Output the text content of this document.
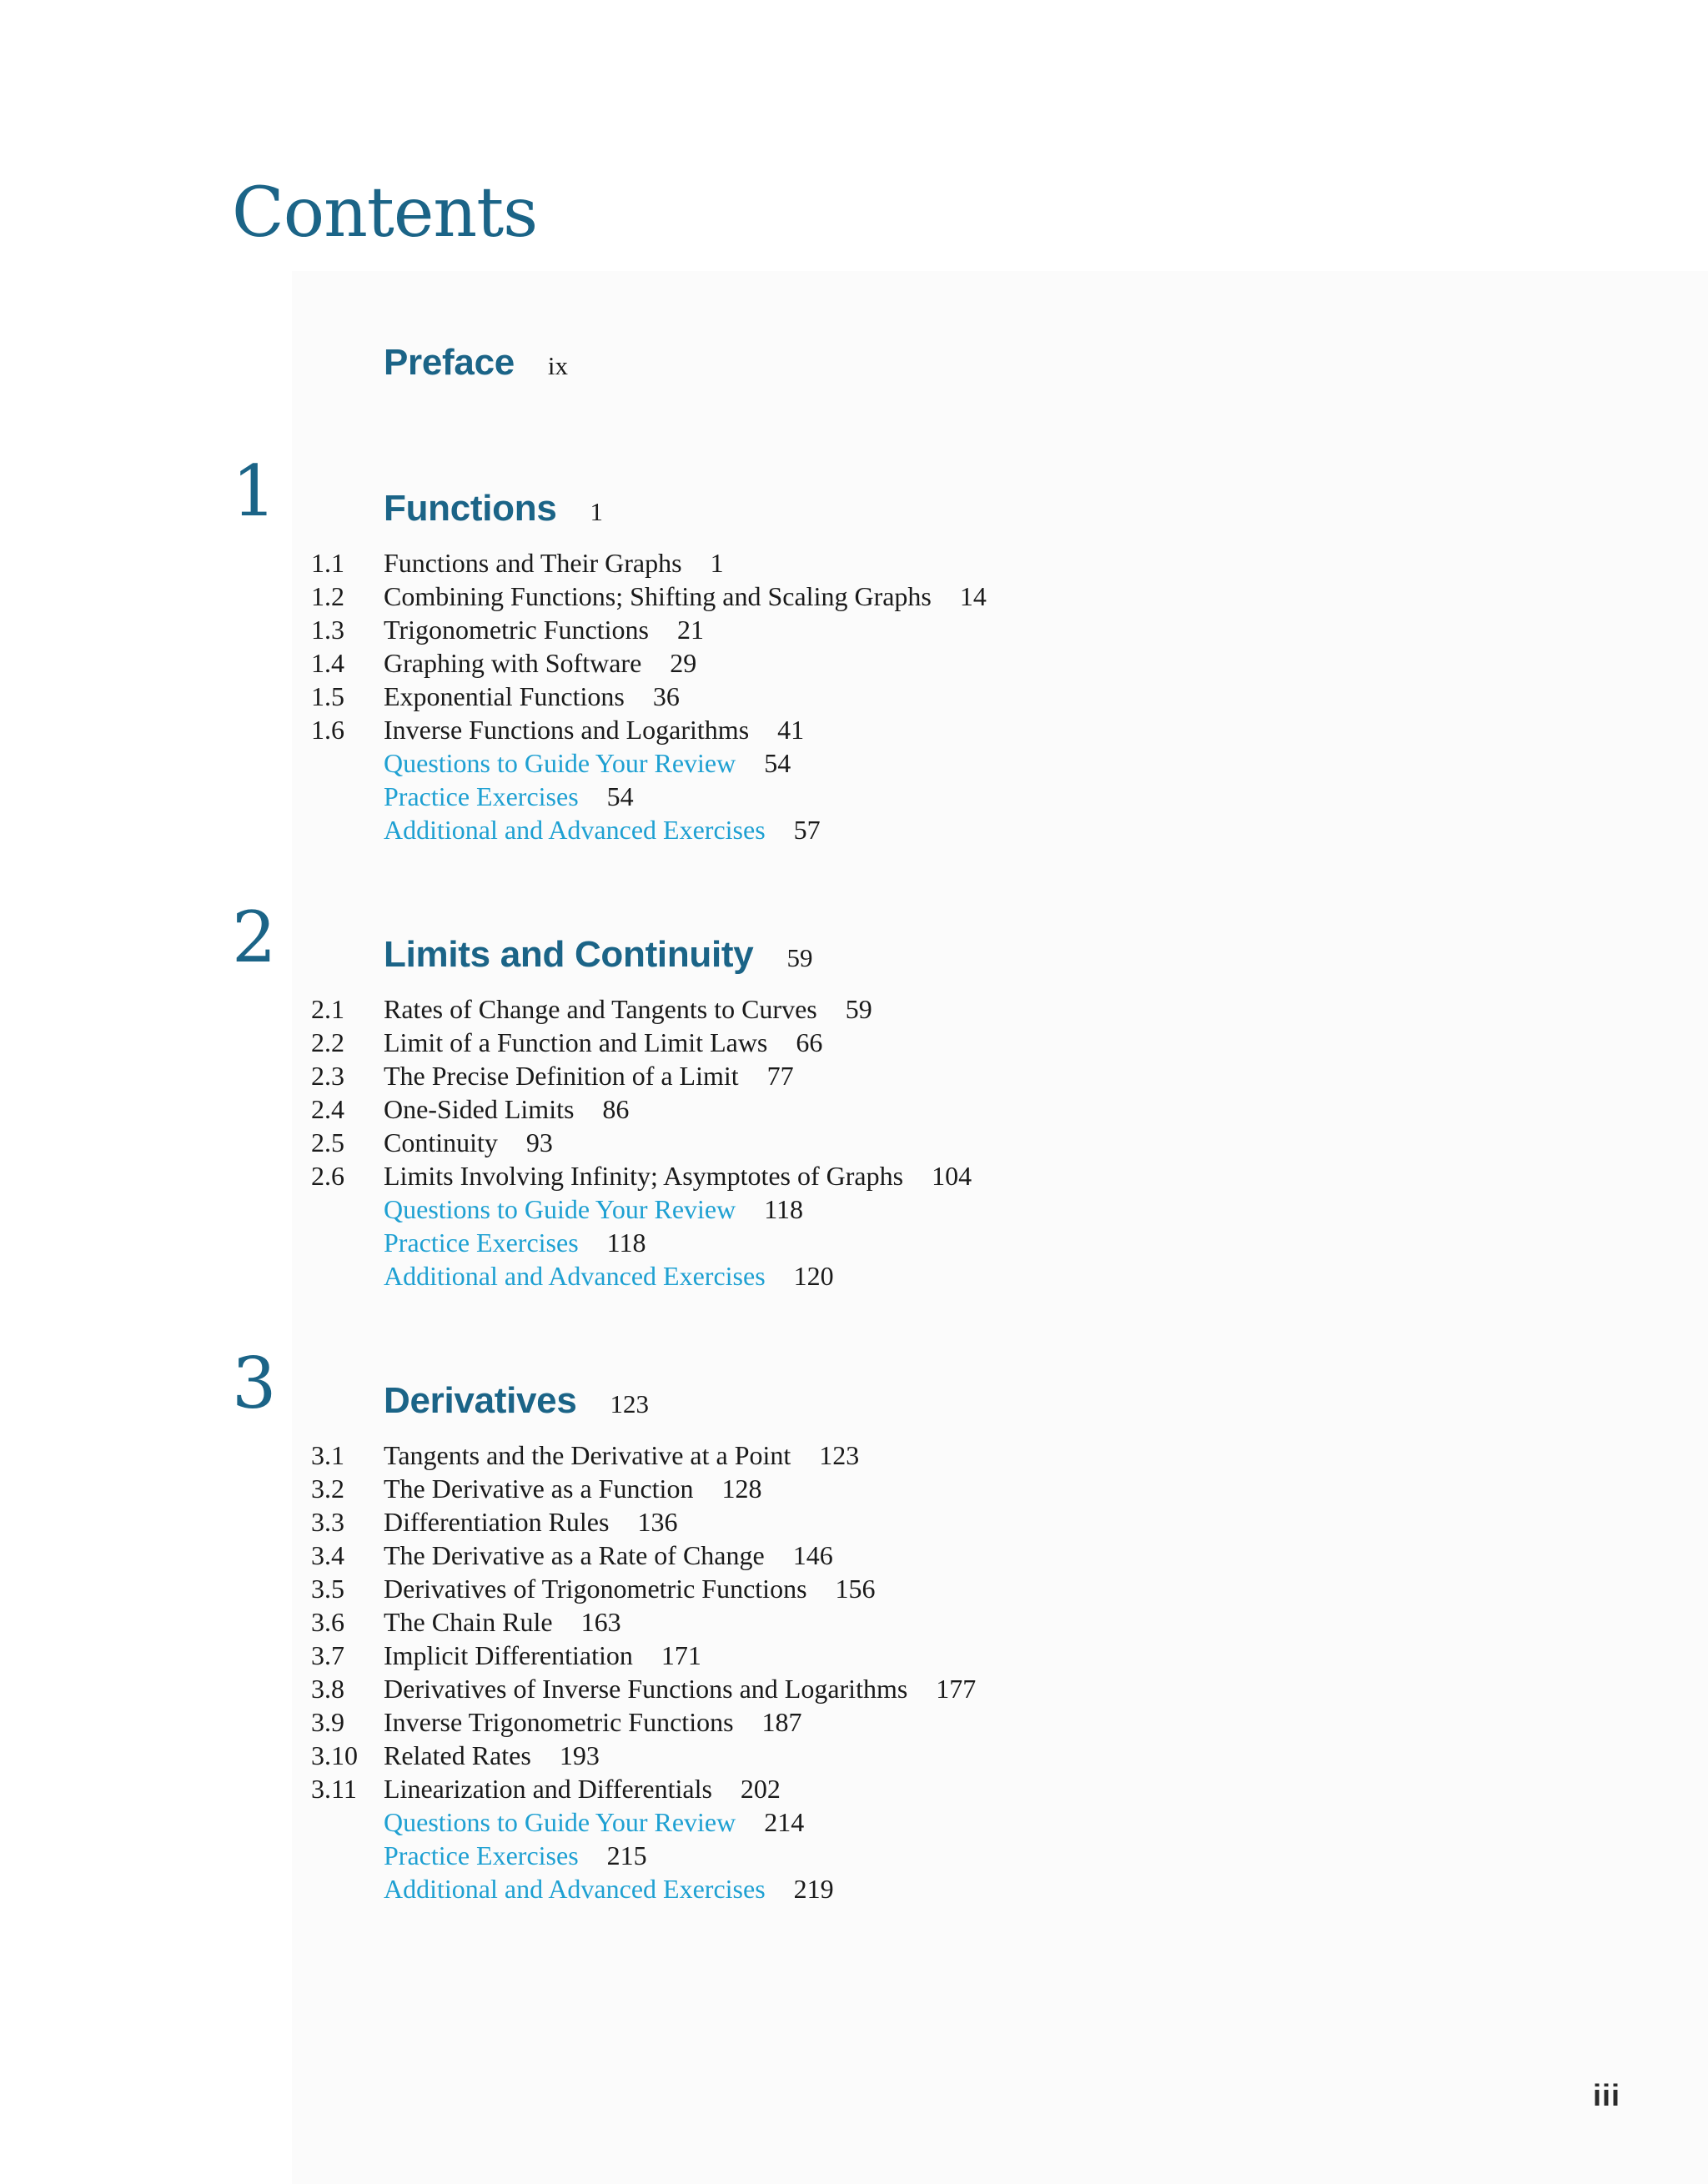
Contents
Preface ix
1	Functions 1
1.1 Functions and Their Graphs 1
1.2 Combining Functions; Shifting and Scaling Graphs 14
1.3 Trigonometric Functions 21
1.4 Graphing with Software 29
1.5 Exponential Functions 36
1.6 Inverse Functions and Logarithms 41
Questions to Guide Your Review 54
Practice Exercises 54
Additional and Advanced Exercises 57
2	Limits and Continuity 59
2.1 Rates of Change and Tangents to Curves 59
2.2 Limit of a Function and Limit Laws 66
2.3 The Precise Definition of a Limit 77
2.4 One-Sided Limits 86
2.5 Continuity 93
2.6 Limits Involving Infinity; Asymptotes of Graphs 104
Questions to Guide Your Review 118
Practice Exercises 118
Additional and Advanced Exercises 120
3	Derivatives 123
3.1 Tangents and the Derivative at a Point 123
3.2 The Derivative as a Function 128
3.3 Differentiation Rules 136
3.4 The Derivative as a Rate of Change 146
3.5 Derivatives of Trigonometric Functions 156
3.6 The Chain Rule 163
3.7 Implicit Differentiation 171
3.8 Derivatives of Inverse Functions and Logarithms 177
3.9 Inverse Trigonometric Functions 187
3.10 Related Rates 193
3.11 Linearization and Differentials 202
Questions to Guide Your Review 214
Practice Exercises 215
Additional and Advanced Exercises 219
iii
